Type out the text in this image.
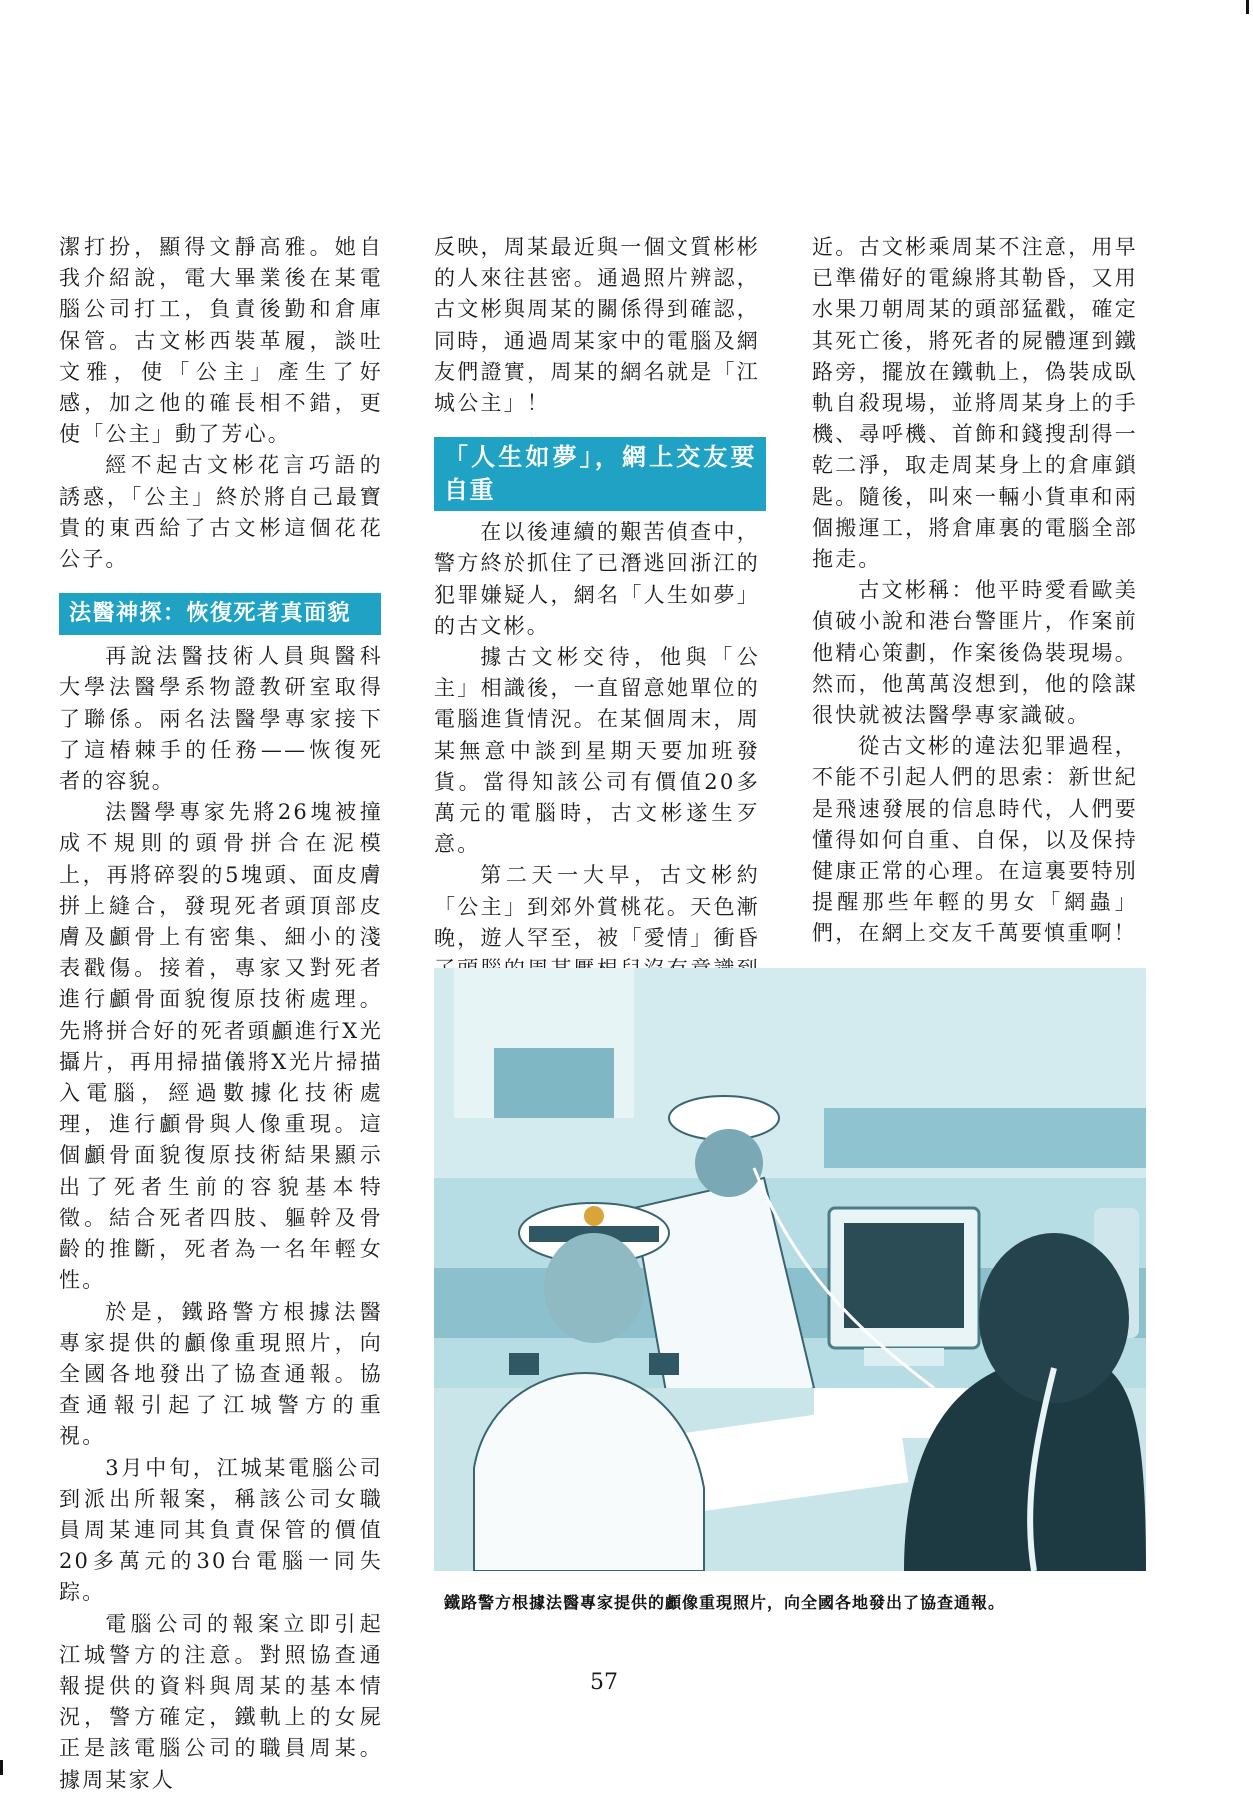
潔打扮，顯得文靜高雅。她自我介紹說，電大畢業後在某電腦公司打工，負責後勤和倉庫保管。古文彬西裝革履，談吐文雅，使「公主」產生了好感，加之他的確長相不錯，更使「公主」動了芳心。

經不起古文彬花言巧語的誘惑，「公主」終於將自己最寶貴的東西給了古文彬這個花花公子。

法醫神探：恢復死者真面貌

再說法醫技術人員與醫科大學法醫學系物證教研室取得了聯係。兩名法醫學專家接下了這樁棘手的任務——恢復死者的容貌。

法醫學專家先將26塊被撞成不規則的頭骨拼合在泥模上，再將碎裂的5塊頭、面皮膚拼上縫合，發現死者頭頂部皮膚及顱骨上有密集、細小的淺表戳傷。接着，專家又對死者進行顱骨面貌復原技術處理。先將拼合好的死者頭顱進行X光攝片，再用掃描儀將X光片掃描入電腦，經過數據化技術處理，進行顱骨與人像重現。這個顱骨面貌復原技術結果顯示出了死者生前的容貌基本特徵。結合死者四肢、軀幹及骨齡的推斷，死者為一名年輕女性。

於是，鐵路警方根據法醫專家提供的顱像重現照片，向全國各地發出了協查通報。協查通報引起了江城警方的重視。

3月中旬，江城某電腦公司到派出所報案，稱該公司女職員周某連同其負責保管的價值20多萬元的30台電腦一同失踪。

電腦公司的報案立即引起江城警方的注意。對照協查通報提供的資料與周某的基本情況，警方確定，鐵軌上的女屍正是該電腦公司的職員周某。據周某家人

反映，周某最近與一個文質彬彬的人來往甚密。通過照片辨認，古文彬與周某的關係得到確認，同時，通過周某家中的電腦及網友們證實，周某的網名就是「江城公主」！

「人生如夢」，網上交友要自重

在以後連續的艱苦偵查中，警方終於抓住了已潛逃回浙江的犯罪嫌疑人，網名「人生如夢」的古文彬。

據古文彬交待，他與「公主」相識後，一直留意她單位的電腦進貨情況。在某個周末，周某無意中談到星期天要加班發貨。當得知該公司有價值20多萬元的電腦時，古文彬遂生歹意。

第二天一大早，古文彬約「公主」到郊外賞桃花。天色漸晚，遊人罕至，被「愛情」衝昏

近。古文彬乘周某不注意，用早已準備好的電線將其勒昏，又用水果刀朝周某的頭部猛戳，確定其死亡後，將死者的屍體運到鐵路旁，擺放在鐵軌上，偽裝成臥軌自殺現場，並將周某身上的手機、尋呼機、首飾和錢搜刮得一乾二淨，取走周某身上的倉庫鎖匙。隨後，叫來一輛小貨車和兩個搬運工，將倉庫裏的電腦全部拖走。

古文彬稱：他平時愛看歐美偵破小說和港台警匪片，作案前他精心策劃，作案後偽裝現場。然而，他萬萬沒想到，他的陰謀很快就被法醫學專家識破。

從古文彬的違法犯罪過程，不能不引起人們的思索：新世紀是飛速發展的信息時代，人們要懂得如何自重、自保，以及保持健康正常的心理。在這裏要特別提醒那些年輕的男女「網蟲」們，在網上交友千萬要慎重啊！

鐵路警方根據法醫專家提供的顱像重現照片，向全國各地發出了協查通報。
57
